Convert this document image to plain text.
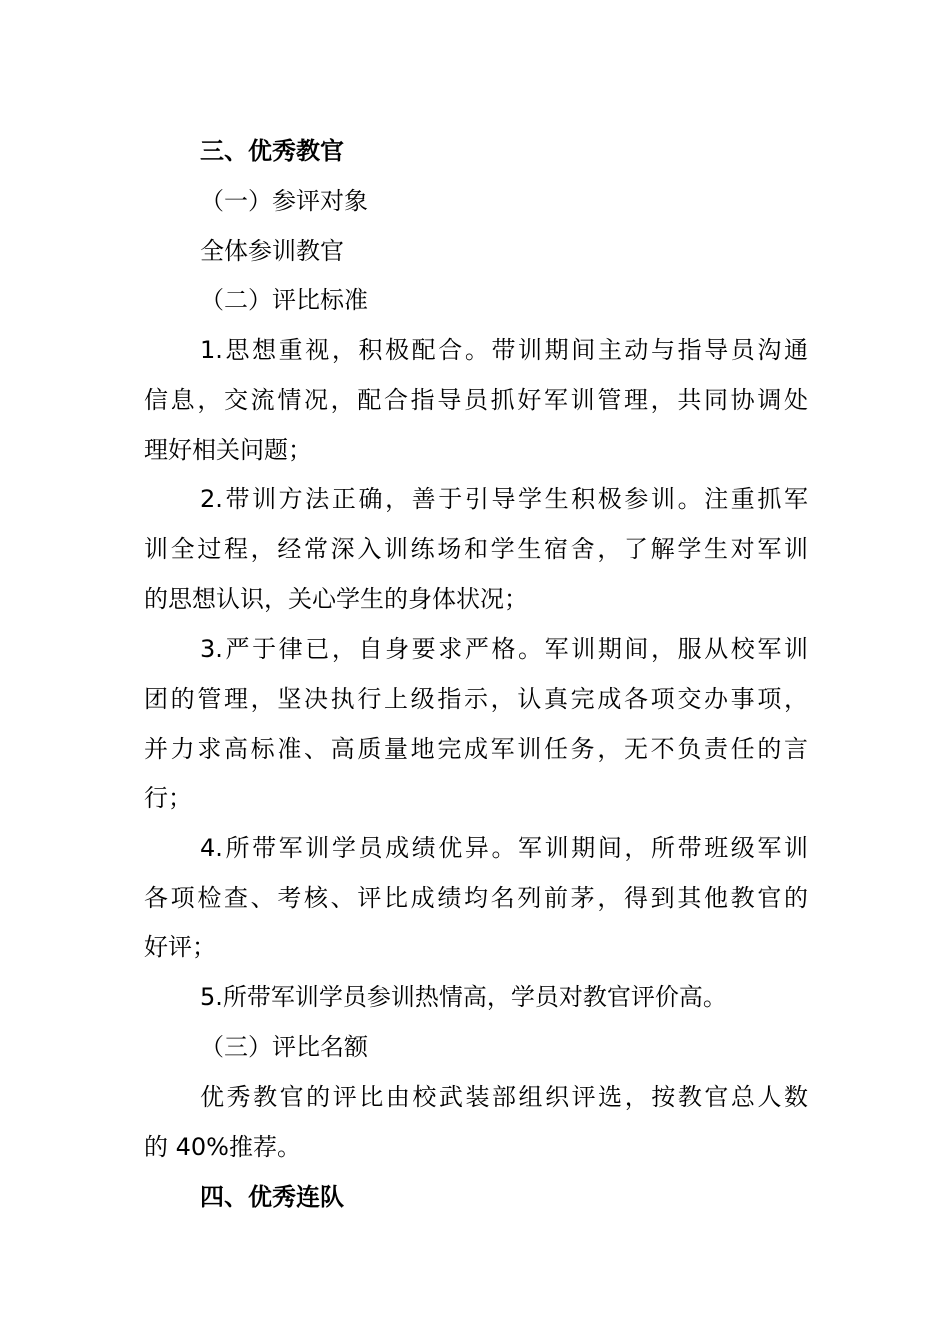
三、优秀教官
（一）参评对象
全体参训教官
（二）评比标准
1.思想重视，积极配合。带训期间主动与指导员沟通
信息，交流情况，配合指导员抓好军训管理，共同协调处
理好相关问题；
2.带训方法正确，善于引导学生积极参训。注重抓军
训全过程，经常深入训练场和学生宿舍，了解学生对军训
的思想认识，关心学生的身体状况；
3.严于律已，自身要求严格。军训期间，服从校军训
团的管理，坚决执行上级指示，认真完成各项交办事项，
并力求高标准、高质量地完成军训任务，无不负责任的言
行；
4.所带军训学员成绩优异。军训期间，所带班级军训
各项检查、考核、评比成绩均名列前茅，得到其他教官的
好评；
5.所带军训学员参训热情高，学员对教官评价高。
（三）评比名额
优秀教官的评比由校武装部组织评选，按教官总人数
的 40%推荐。
四、优秀连队
